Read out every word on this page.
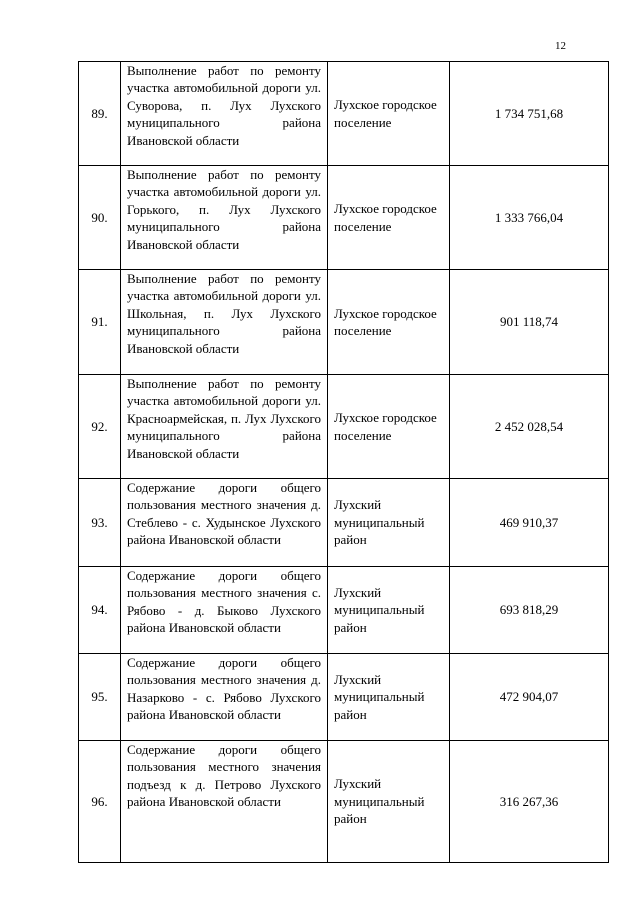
12
89.	Выполнение работ по ремонту участка автомобильной дороги ул. Суворова, п. Лух Лухского муниципального района Ивановской области	Лухское городское поселение	1 734 751,68
90.	Выполнение работ по ремонту участка автомобильной дороги ул. Горького, п. Лух Лухского муниципального района Ивановской области	Лухское городское поселение	1 333 766,04
91.	Выполнение работ по ремонту участка автомобильной дороги ул. Школьная, п. Лух Лухского муниципального района Ивановской области	Лухское городское поселение	901 118,74
92.	Выполнение работ по ремонту участка автомобильной дороги ул. Красноармейская, п. Лух Лухского муниципального района Ивановской области	Лухское городское поселение	2 452 028,54
93.	Содержание дороги общего пользования местного значения д. Стеблево - с. Худынское Лухского района Ивановской области	Лухский муниципальный район	469 910,37
94.	Содержание дороги общего пользования местного значения с. Рябово - д. Быково Лухского района Ивановской области	Лухский муниципальный район	693 818,29
95.	Содержание дороги общего пользования местного значения д. Назарково - с. Рябово Лухского района Ивановской области	Лухский муниципальный район	472 904,07
96.	Содержание дороги общего пользования местного значения подъезд к д. Петрово Лухского района Ивановской области	Лухский муниципальный район	316 267,36
